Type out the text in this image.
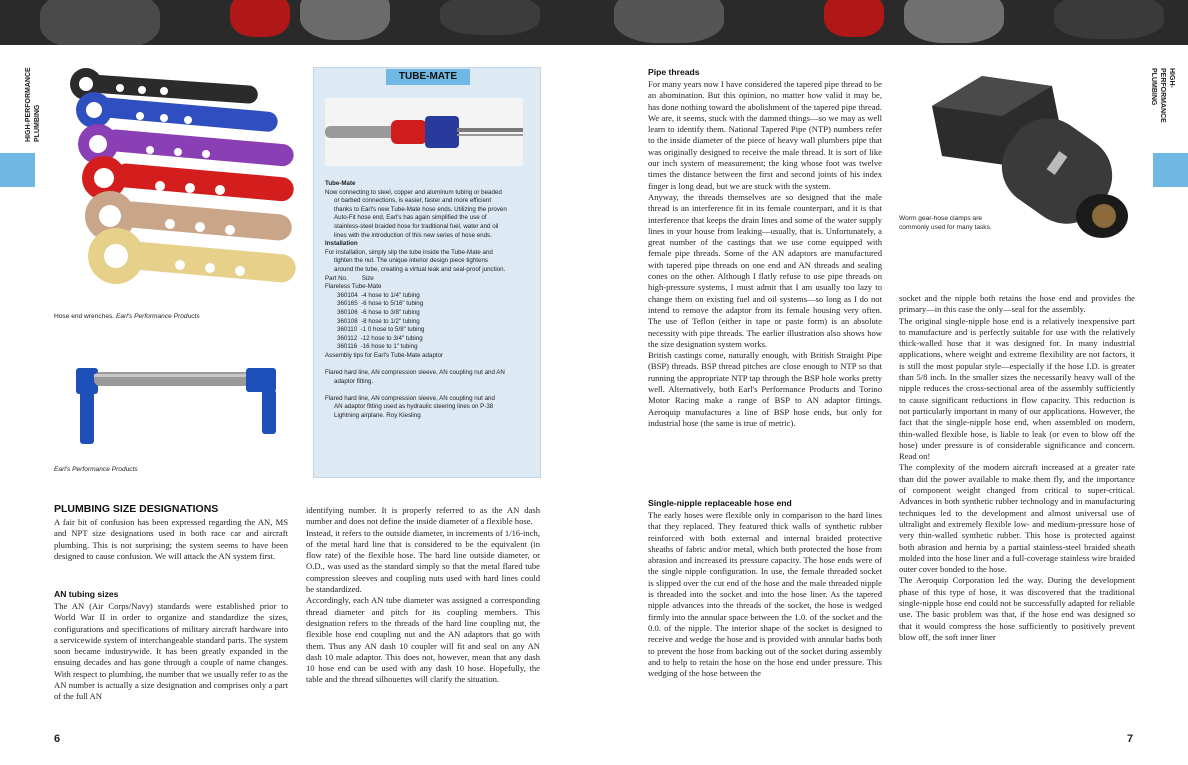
HIGH-PERFORMANCE PLUMBING
HIGH-PERFORMANCE
PLUMBING
Hose end wrenches. Earl's Performance Products
Earl's Performance Products
TUBE-MATE
Tube-Mate
Now connecting to steel, copper and aluminum tubing or beaded
or barbed connections, is easier, faster and more efficient
thanks to Earl's new Tube-Mate hose ends. Utilizing the proven
Auto-Fit hose end, Earl's has again simplified the use of
stainless-steel braided hose for traditional fuel, water and oil
lines with the introduction of this new series of hose ends.
Installation
For installation, simply slip the tube inside the Tube-Mate and
tighten the nut. The unique interior design piece tightens
around the tube, creating a virtual leak and seal-proof junction.
Part No. Size
Flareless Tube-Mate
360104 -4 hose to 1/4" tubing
360165 -6 hose to 5/16" tubing
360106 -6 hose to 3/8" tubing
360108 -8 hose to 1/2" tubing
360110 -1 0 hose to 5/8" tubing
360112 -12 hose to 3/4" tubing
360116 -16 hose to 1" tubing
Assembly tips for Earl's Tube-Mate adaptor
Flared hard line, AN compression sleeve, AN coupling nut and AN
adaptor fitting.
Flared hard line, AN compression sleeve, AN coupling nut and
AN adaptor fitting used as hydraulic steering lines on P-38
Lightning airplane. Roy Kiesling
PLUMBING SIZE DESIGNATIONS
A fair bit of confusion has been expressed regarding the AN, MS and NPT size designations used in both race car and aircraft plumbing. This is not surprising; the system seems to have been designed to cause confusion. We will attack the AN system first.
AN tubing sizes
The AN (Air Corps/Navy) standards were established prior to World War II in order to organize and standardize the sizes, configurations and specifications of military aircraft hardware into a servicewide system of interchangeable standard parts. The system soon became industrywide. It has been greatly expanded in the ensuing decades and has gone through a couple of name changes. With respect to plumbing, the number that we usually refer to as the AN number is actually a size designation and comprises only a part of the full AN

identifying number. It is properly referred to as the AN dash number and does not define the inside diameter of a flexible hose.

Instead, it refers to the outside diameter, in increments of 1/16-inch, of the metal hard line that is considered to be the equivalent (in flow rate) of the flexible hose. The hard line outside diameter, or O.D., was used as the standard simply so that the metal flared tube compression sleeves and coupling nuts used with hard lines could be standardized.

Accordingly, each AN tube diameter was assigned a corresponding thread diameter and pitch for its coupling members. This designation refers to the threads of the hard line coupling nut, the flexible hose end coupling nut and the AN adaptors that go with them. Thus any AN dash 10 coupler will fit and seal on any AN dash 10 male adaptor. This does not, however, mean that any dash 10 hose end can be used with any dash 10 hose. Hopefully, the table and the thread silhouettes will clarify the situation.

6
Pipe threads

For many years now I have considered the tapered pipe thread to be an abomination. But this opinion, no matter how valid it may be, has done nothing toward the abolishment of the tapered pipe thread. We are, it seems, stuck with the damned things—so we may as well learn to identify them. National Tapered Pipe (NTP) numbers refer to the inside diameter of the piece of heavy wall plumbers pipe that was originally designed to receive the male thread. It is sort of like our inch system of measurement; the king whose foot was twelve times the distance between the first and second joints of his index finger is long dead, but we are stuck with the system.

Anyway, the threads themselves are so designed that the male thread is an interference fit in its female counterpart, and it is that interference that keeps the drain lines and some of the water supply lines in your house from leaking—usually, that is. Unfortunately, a great number of the castings that we use come equipped with female pipe threads. Some of the AN adaptors are manufactured with tapered pipe threads on one end and AN threads and sealing cones on the other. Although I flatly refuse to use pipe threads on high-pressure systems, I must admit that I am usually too lazy to change them on existing fuel and oil systems—so long as I do not intend to remove the adaptor from its female housing very often. The use of Teflon (either in tape or paste form) is an absolute necessity with pipe threads. The earlier illustration also shows how the size designation system works.

British castings come, naturally enough, with British Straight Pipe (BSP) threads. BSP thread pitches are close enough to NTP so that running the appropriate NTP tap through the BSP hole works pretty well. Alternatively, both Earl's Performance Products and Torino Motor Racing make a range of BSP to AN adaptor fittings. Aeroquip manufactures a line of BSP hose ends, but only for industrial hose (the same is true of metric).

Single-nipple replaceable hose end
The early hoses were flexible only in comparison to the hard lines that they replaced. They featured thick walls of synthetic rubber reinforced with both external and internal braided protective sheaths of fabric and/or metal, which both protected the hose from abrasion and increased its pressure capacity. The hose ends were of the single nipple configuration. In use, the female threaded socket is slipped over the cut end of the hose and the male threaded nipple is threaded into the socket and into the hose liner. As the tapered nipple advances into the threads of the socket, the hose is wedged firmly into the annular space between the 1.0. of the socket and the 0.0. of the nipple. The interior shape of the socket is designed to receive and wedge the hose and is provided with annular barbs both to prevent the hose from backing out of the socket during assembly and to help to retain the hose on the hose end under pressure. This wedging of the hose between the
Worm gear-hose clamps are commonly used for many tasks.

socket and the nipple both retains the hose end and provides the primary—in this case the only—seal for the assembly.

The original single-nipple hose end is a relatively inexpensive part to manufacture and is perfectly suitable for use with the relatively thick-walled hose that it was designed for. In many industrial applications, where weight and extreme flexibility are not factors, it is still the most popular style—especially if the hose I.D. is greater than 5/8 inch. In the smaller sizes the necessarily heavy wall of the nipple reduces the cross-sectional area of the assembly sufficiently to cause significant reductions in flow capacity. This reduction is not particularly important in many of our applications. However, the fact that the single-nipple hose end, when assembled on modern, thin-walled flexible hose, is liable to leak (or even to blow off the hose) under pressure is of considerable significance and concern. Read on!

The complexity of the modern aircraft increased at a greater rate than did the power available to make them fly, and the importance of component weight changed from critical to super-critical. Advances in both synthetic rubber technology and in manufacturing techniques led to the development and almost universal use of ultralight and extremely flexible low- and medium-pressure hose of very thin-walled synthetic rubber. This hose is protected against both abrasion and hernia by a partial stainless-steel braided sheath molded into the hose liner and a full-coverage stainless wire braided outer cover bonded to the hose.

The Aeroquip Corporation led the way. During the development phase of this type of hose, it was discovered that the traditional single-nipple hose end could not be successfully adapted for reliable use. The basic problem was that, if the hose end was designed so that it would compress the hose sufficiently to positively prevent blow off, the soft inner liner

7
